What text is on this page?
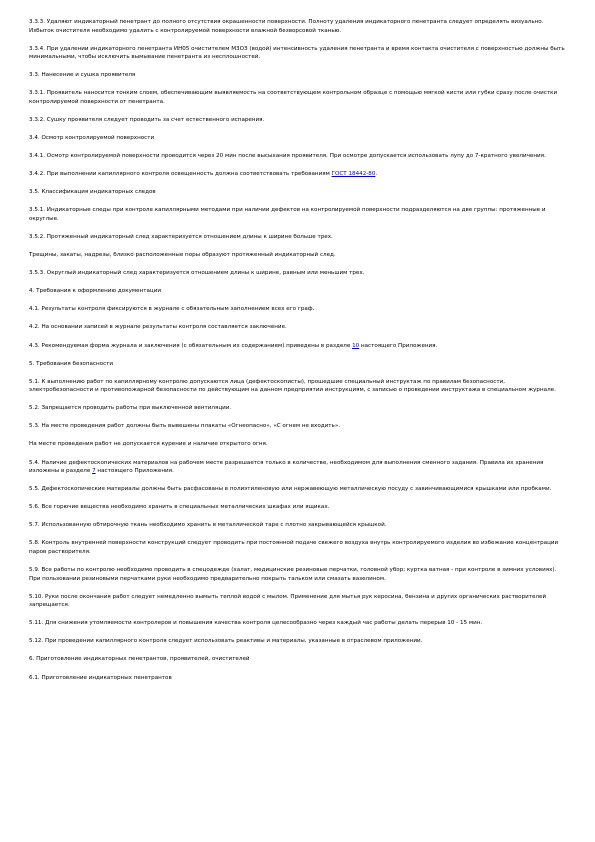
3.3.3. Удаляют индикаторный пенетрант до полного отсутствия окрашенности поверхности. Полноту удаления индикаторного пенетранта следует определять визуально. Избыток очистителя необходимо удалить с контролируемой поверхности влажной безворсовой тканью.

3.3.4. При удалении индикаторного пенетранта ИН05 очистителем М3ОЗ (водой) интенсивность удаления пенетранта и время контакта очистителя с поверхностью должны быть минимальными, чтобы исключить вымывание пенетранта из несплошностей.

3.3. Нанесение и сушка проявителя

3.3.1. Проявитель наносится тонким слоем, обеспечивающим выявляемость на соответствующем контрольном образце с помощью мягкой кисти или губки сразу после очистки контролируемой поверхности от пенетранта.

3.3.2. Сушку проявителя следует проводить за счет естественного испарения.

3.4. Осмотр контролируемой поверхности

3.4.1. Осмотр контролируемой поверхности проводится через 20 мин после высыхания проявителя. При осмотре допускается использовать лупу до 7-кратного увеличения.

3.4.2. При выполнении капиллярного контроля освещенность должна соответствовать требованиям ГОСТ 18442-80.

3.5. Классификация индикаторных следов

3.5.1. Индикаторные следы при контроле капиллярными методами при наличии дефектов на контролируемой поверхности подразделяются на две группы: протяженные и округлые.

3.5.2. Протяженный индикаторный след характеризуется отношением длины к ширине больше трех.

Трещины, закаты, надрезы, близко расположенные поры образуют протяженный индикаторный след.

3.5.3. Округлый индикаторный след характеризуется отношением длины к ширине, равным или меньшим трех.

4. Требования к оформлению документации

4.1. Результаты контроля фиксируются в журнале с обязательным заполнением всех его граф.

4.2. На основании записей в журнале результаты контроля составляется заключение.

4.3. Рекомендуемая форма журнала и заключения (с обязательным их содержанием) приведены в разделе 10 настоящего Приложения.

5. Требования безопасности

5.1. К выполнению работ по капиллярному контролю допускаются лица (дефектоскописты), прошедшие специальный инструктаж по правилам безопасности, электробезопасности и противопожарной безопасности по действующим на данном предприятии инструкциям, с записью о проведении инструктажа в специальном журнале.

5.2. Запрещается проводить работы при выключенной вентиляции.

5.3. На месте проведения работ должны быть вывешены плакаты «Огнеопасно», «С огнем не входить».

На месте проведения работ не допускается курение и наличие открытого огня.

5.4. Наличие дефектоскопических материалов на рабочем месте разрешается только в количестве, необходимом для выполнения сменного задания. Правила их хранения изложены в разделе 7 настоящего Приложения.

5.5. Дефектоскопические материалы должны быть расфасованы в полиэтиленовую или нержавеющую металлическую посуду с завинчивающимися крышками или пробками.

5.6. Все горючие вещества необходимо хранить в специальных металлических шкафах или ящиках.

5.7. Использованную обтирочную ткань необходимо хранить в металлической таре с плотно закрывающейся крышкой.

5.8. Контроль внутренней поверхности конструкций следует проводить при постоянной подаче свежего воздуха внутрь контролируемого изделия во избежание концентрации паров растворителя.

5.9. Все работы по контролю необходимо проводить в спецодежде (халат, медицинские резиновые перчатки, головной убор; куртка ватная - при контроле в зимних условиях). При пользовании резиновыми перчатками руки необходимо предварительно покрыть тальком или смазать вазелином.

5.10. Руки после окончания работ следует немедленно вымыть теплой водой с мылом. Применение для мытья рук керосина, бензина и других органических растворителей запрещается.

5.11. Для снижения утомляемости контролеров и повышения качества контроля целесообразно через каждый час работы делать перерыв 10 - 15 мин.

5.12. При проведении капиллярного контроля следует использовать реактивы и материалы, указанные в отраслевом приложении.

6. Приготовление индикаторных пенетрантов, проявителей, очистителей

6.1. Приготовление индикаторных пенетрантов
